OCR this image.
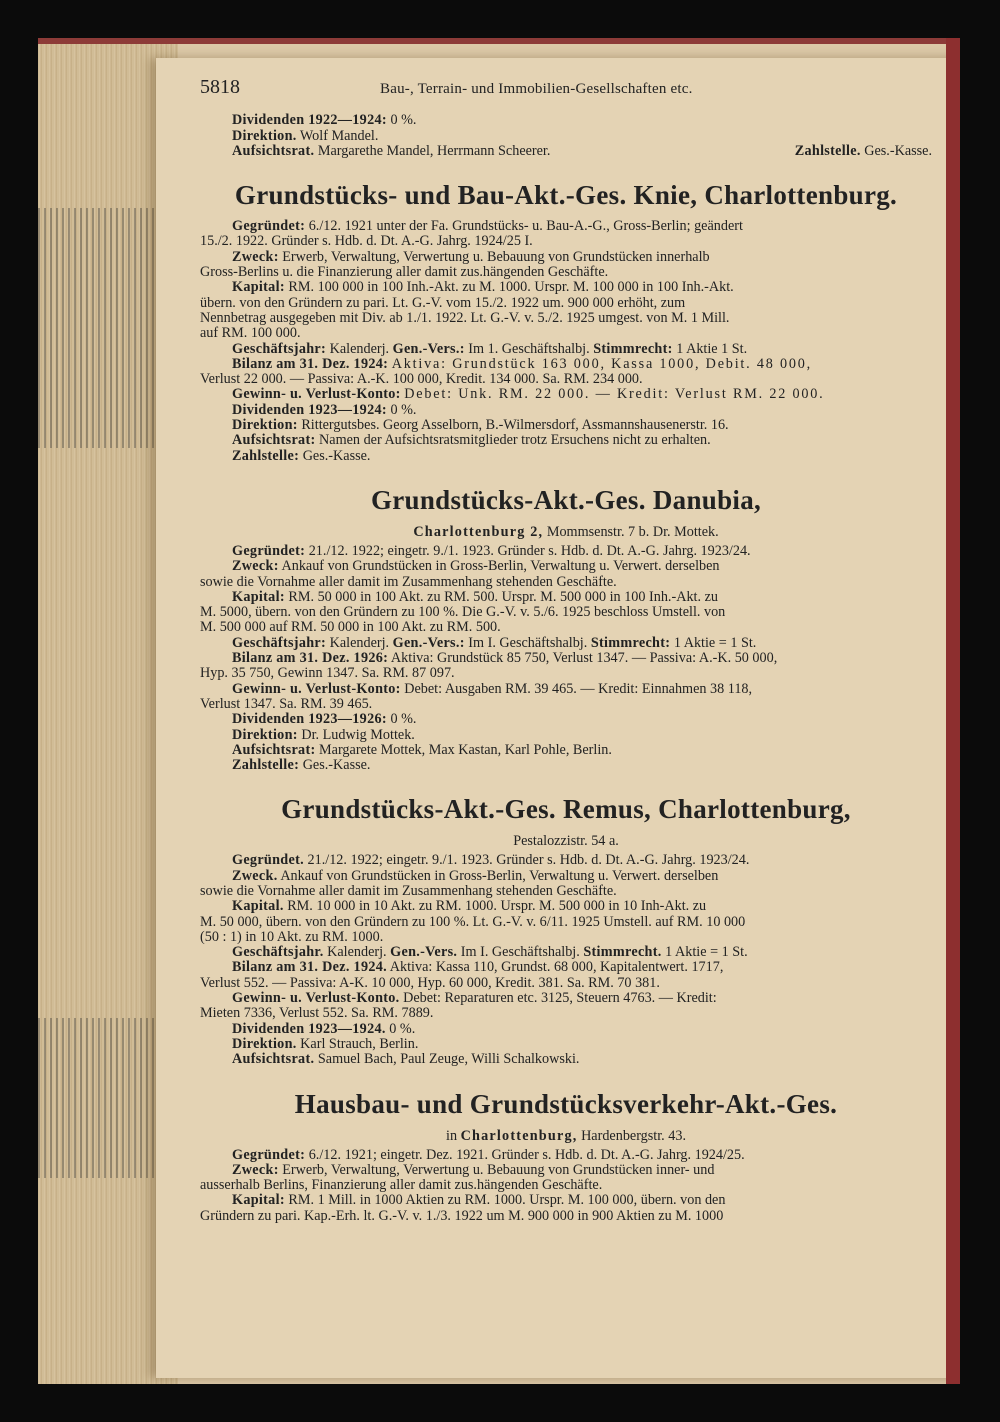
5818	Bau-, Terrain- und Immobilien-Gesellschaften etc.
Dividenden 1922—1924: 0 %.
Direktion. Wolf Mandel.
Aufsichtsrat. Margarethe Mandel, Herrmann Scheerer.	Zahlstelle. Ges.-Kasse.
Grundstücks- und Bau-Akt.-Ges. Knie, Charlottenburg.
Gegründet: 6./12. 1921 unter der Fa. Grundstücks- u. Bau-A.-G., Gross-Berlin; geändert
15./2. 1922. Gründer s. Hdb. d. Dt. A.-G. Jahrg. 1924/25 I.
Zweck: Erwerb, Verwaltung, Verwertung u. Bebauung von Grundstücken innerhalb
Gross-Berlins u. die Finanzierung aller damit zus.hängenden Geschäfte.
Kapital: RM. 100 000 in 100 Inh.-Akt. zu M. 1000. Urspr. M. 100 000 in 100 Inh.-Akt.
übern. von den Gründern zu pari. Lt. G.-V. vom 15./2. 1922 um. 900 000 erhöht, zum
Nennbetrag ausgegeben mit Div. ab 1./1. 1922. Lt. G.-V. v. 5./2. 1925 umgest. von M. 1 Mill.
auf RM. 100 000.
Geschäftsjahr: Kalenderj. Gen.-Vers.: Im 1. Geschäftshalbj. Stimmrecht: 1 Aktie 1 St.
Bilanz am 31. Dez. 1924: Aktiva: Grundstück 163 000, Kassa 1000, Debit. 48 000,
Verlust 22 000. — Passiva: A.-K. 100 000, Kredit. 134 000. Sa. RM. 234 000.
Gewinn- u. Verlust-Konto: Debet: Unk. RM. 22 000. — Kredit: Verlust RM. 22 000.
Dividenden 1923—1924: 0 %.
Direktion: Rittergutsbes. Georg Asselborn, B.-Wilmersdorf, Assmannshausenerstr. 16.
Aufsichtsrat: Namen der Aufsichtsratsmitglieder trotz Ersuchens nicht zu erhalten.
Zahlstelle: Ges.-Kasse.
Grundstücks-Akt.-Ges. Danubia,
Charlottenburg 2, Mommsenstr. 7 b. Dr. Mottek.
Gegründet: 21./12. 1922; eingetr. 9./1. 1923. Gründer s. Hdb. d. Dt. A.-G. Jahrg. 1923/24.
Zweck: Ankauf von Grundstücken in Gross-Berlin, Verwaltung u. Verwert. derselben
sowie die Vornahme aller damit im Zusammenhang stehenden Geschäfte.
Kapital: RM. 50 000 in 100 Akt. zu RM. 500. Urspr. M. 500 000 in 100 Inh.-Akt. zu
M. 5000, übern. von den Gründern zu 100 %. Die G.-V. v. 5./6. 1925 beschloss Umstell. von
M. 500 000 auf RM. 50 000 in 100 Akt. zu RM. 500.
Geschäftsjahr: Kalenderj. Gen.-Vers.: Im I. Geschäftshalbj. Stimmrecht: 1 Aktie = 1 St.
Bilanz am 31. Dez. 1926: Aktiva: Grundstück 85 750, Verlust 1347. — Passiva: A.-K. 50 000,
Hyp. 35 750, Gewinn 1347. Sa. RM. 87 097.
Gewinn- u. Verlust-Konto: Debet: Ausgaben RM. 39 465. — Kredit: Einnahmen 38 118,
Verlust 1347. Sa. RM. 39 465.
Dividenden 1923—1926: 0 %.
Direktion: Dr. Ludwig Mottek.
Aufsichtsrat: Margarete Mottek, Max Kastan, Karl Pohle, Berlin.
Zahlstelle: Ges.-Kasse.
Grundstücks-Akt.-Ges. Remus, Charlottenburg,
Pestalozzistr. 54 a.
Gegründet. 21./12. 1922; eingetr. 9./1. 1923. Gründer s. Hdb. d. Dt. A.-G. Jahrg. 1923/24.
Zweck. Ankauf von Grundstücken in Gross-Berlin, Verwaltung u. Verwert. derselben
sowie die Vornahme aller damit im Zusammenhang stehenden Geschäfte.
Kapital. RM. 10 000 in 10 Akt. zu RM. 1000. Urspr. M. 500 000 in 10 Inh-Akt. zu
M. 50 000, übern. von den Gründern zu 100 %. Lt. G.-V. v. 6/11. 1925 Umstell. auf RM. 10 000
(50 : 1) in 10 Akt. zu RM. 1000.
Geschäftsjahr. Kalenderj. Gen.-Vers. Im I. Geschäftshalbj. Stimmrecht. 1 Aktie = 1 St.
Bilanz am 31. Dez. 1924. Aktiva: Kassa 110, Grundst. 68 000, Kapitalentwert. 1717,
Verlust 552. — Passiva: A-K. 10 000, Hyp. 60 000, Kredit. 381. Sa. RM. 70 381.
Gewinn- u. Verlust-Konto. Debet: Reparaturen etc. 3125, Steuern 4763. — Kredit:
Mieten 7336, Verlust 552. Sa. RM. 7889.
Dividenden 1923—1924. 0 %.
Direktion. Karl Strauch, Berlin.
Aufsichtsrat. Samuel Bach, Paul Zeuge, Willi Schalkowski.
Hausbau- und Grundstücksverkehr-Akt.-Ges.
in Charlottenburg, Hardenbergstr. 43.
Gegründet: 6./12. 1921; eingetr. Dez. 1921. Gründer s. Hdb. d. Dt. A.-G. Jahrg. 1924/25.
Zweck: Erwerb, Verwaltung, Verwertung u. Bebauung von Grundstücken inner- und
ausserhalb Berlins, Finanzierung aller damit zus.hängenden Geschäfte.
Kapital: RM. 1 Mill. in 1000 Aktien zu RM. 1000. Urspr. M. 100 000, übern. von den
Gründern zu pari. Kap.-Erh. lt. G.-V. v. 1./3. 1922 um M. 900 000 in 900 Aktien zu M. 1000
